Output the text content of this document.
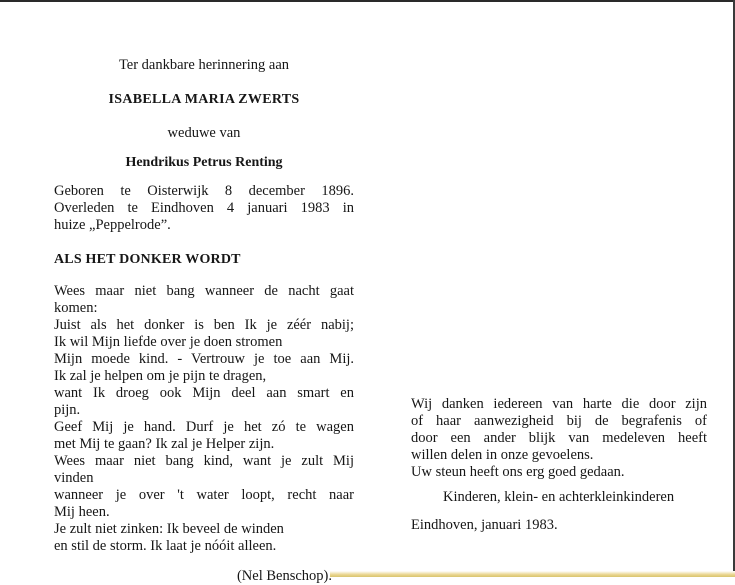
Ter dankbare herinnering aan

ISABELLA MARIA ZWERTS

weduwe van

Hendrikus Petrus Renting

Geboren te Oisterwijk 8 december 1896.

Overleden te Eindhoven 4 januari 1983 in

huize „Peppelrode”.

ALS HET DONKER WORDT

Wees maar niet bang wanneer de nacht gaat

komen:

Juist als het donker is ben Ik je zéér nabij;

Ik wil Mijn liefde over je doen stromen

Mijn moede kind. - Vertrouw je toe aan Mij.

Ik zal je helpen om je pijn te dragen,

want Ik droeg ook Mijn deel aan smart en

pijn.

Geef Mij je hand. Durf je het zó te wagen

met Mij te gaan? Ik zal je Helper zijn.

Wees maar niet bang kind, want je zult Mij

vinden

wanneer je over 't water loopt, recht naar

Mij heen.

Je zult niet zinken: Ik beveel de winden

en stil de storm. Ik laat je nóóit alleen.

(Nel Benschop).

Wij danken iedereen van harte die door zijn

of haar aanwezigheid bij de begrafenis of

door een ander blijk van medeleven heeft

willen delen in onze gevoelens.

Uw steun heeft ons erg goed gedaan.

Kinderen, klein- en achterkleinkinderen

Eindhoven, januari 1983.
